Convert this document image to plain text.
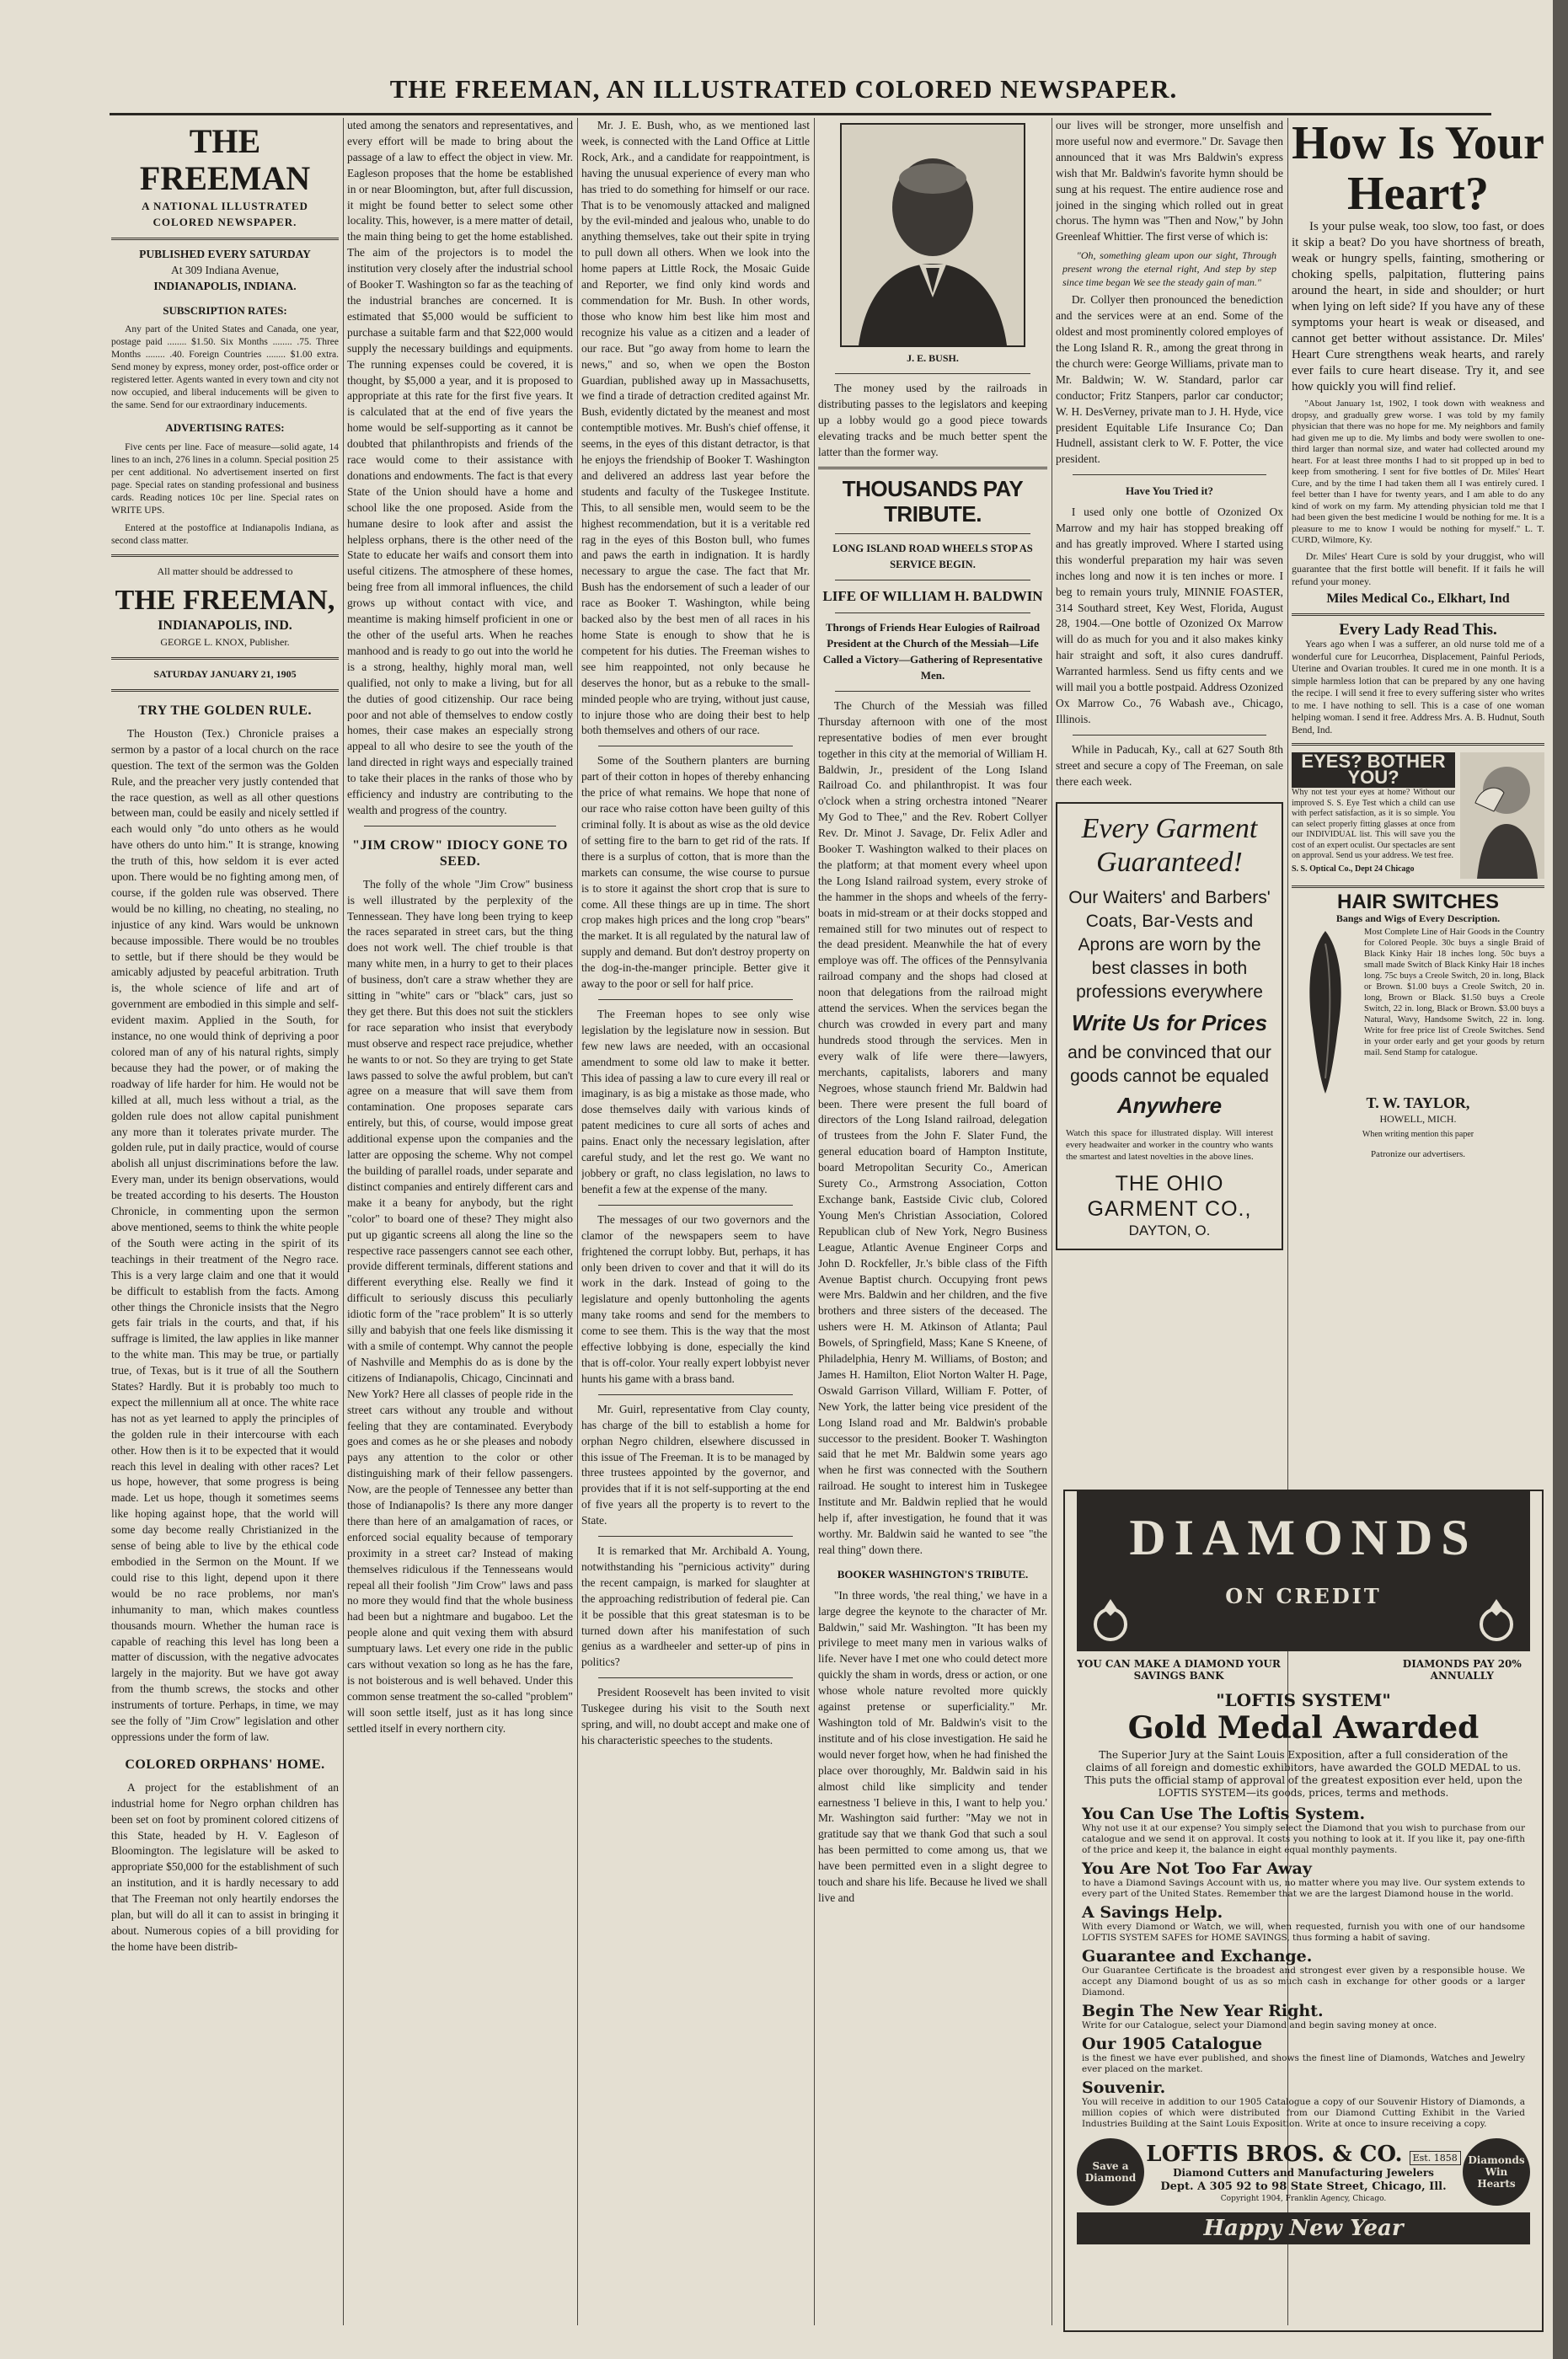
THE FREEMAN, AN ILLUSTRATED COLORED NEWSPAPER.
THE FREEMAN
A NATIONAL ILLUSTRATED COLORED NEWSPAPER.
PUBLISHED EVERY SATURDAY
At 309 Indiana Avenue,
INDIANAPOLIS, INDIANA.
SUBSCRIPTION RATES:

Any part of the United States and Canada, one year, postage paid ........ $1.50. Six Months ........ .75. Three Months ........ .40. Foreign Countries ........ $1.00 extra. Send money by express, money order, post-office order or registered letter. Agents wanted in every town and city not now occupied, and liberal inducements will be given to the same. Send for our extraordinary inducements.

ADVERTISING RATES:

Five cents per line. Face of measure—solid agate, 14 lines to an inch, 276 lines in a column. Special position 25 per cent additional. No advertisement inserted on first page. Special rates on standing professional and business cards. Reading notices 10c per line. Special rates on WRITE UPS.

Entered at the postoffice at Indianapolis Indiana, as second class matter.

All matter should be addressed to
THE FREEMAN,
INDIANAPOLIS, IND.
GEORGE L. KNOX, Publisher.
SATURDAY JANUARY 21, 1905
TRY THE GOLDEN RULE.

The Houston (Tex.) Chronicle praises a sermon by a pastor of a local church on the race question. The text of the sermon was the Golden Rule, and the preacher very justly contended that the race question, as well as all other questions between man, could be easily and nicely settled if each would only "do unto others as he would have others do unto him." It is strange, knowing the truth of this, how seldom it is ever acted upon. There would be no fighting among men, of course, if the golden rule was observed. There would be no killing, no cheating, no stealing, no injustice of any kind. Wars would be unknown because impossible. There would be no troubles to settle, but if there should be they would be amicably adjusted by peaceful arbitration. Truth is, the whole science of life and art of government are embodied in this simple and self-evident maxim. Applied in the South, for instance, no one would think of depriving a poor colored man of any of his natural rights, simply because they had the power, or of making the roadway of life harder for him. He would not be killed at all, much less without a trial, as the golden rule does not allow capital punishment any more than it tolerates private murder. The golden rule, put in daily practice, would of course abolish all unjust discriminations before the law. Every man, under its benign observations, would be treated according to his deserts. The Houston Chronicle, in commenting upon the sermon above mentioned, seems to think the white people of the South were acting in the spirit of its teachings in their treatment of the Negro race. This is a very large claim and one that it would be difficult to establish from the facts. Among other things the Chronicle insists that the Negro gets fair trials in the courts, and that, if his suffrage is limited, the law applies in like manner to the white man. This may be true, or partially true, of Texas, but is it true of all the Southern States? Hardly. But it is probably too much to expect the millennium all at once. The white race has not as yet learned to apply the principles of the golden rule in their intercourse with each other. How then is it to be expected that it would reach this level in dealing with other races? Let us hope, however, that some progress is being made. Let us hope, though it sometimes seems like hoping against hope, that the world will some day become really Christianized in the sense of being able to live by the ethical code embodied in the Sermon on the Mount. If we could rise to this light, depend upon it there would be no race problems, nor man's inhumanity to man, which makes countless thousands mourn. Whether the human race is capable of reaching this level has long been a matter of discussion, with the negative advocates largely in the majority. But we have got away from the thumb screws, the stocks and other instruments of torture. Perhaps, in time, we may see the folly of "Jim Crow" legislation and other oppressions under the form of law.

COLORED ORPHANS' HOME.

A project for the establishment of an industrial home for Negro orphan children has been set on foot by prominent colored citizens of this State, headed by H. V. Eagleson of Bloomington. The legislature will be asked to appropriate $50,000 for the establishment of such an institution, and it is hardly necessary to add that The Freeman not only heartily endorses the plan, but will do all it can to assist in bringing it about. Numerous copies of a bill providing for the home have been distrib-

uted among the senators and representatives, and every effort will be made to bring about the passage of a law to effect the object in view. Mr. Eagleson proposes that the home be established in or near Bloomington, but, after full discussion, it might be found better to select some other locality. This, however, is a mere matter of detail, the main thing being to get the home established. The aim of the projectors is to model the institution very closely after the industrial school of Booker T. Washington so far as the teaching of the industrial branches are concerned. It is estimated that $5,000 would be sufficient to purchase a suitable farm and that $22,000 would supply the necessary buildings and equipments. The running expenses could be covered, it is thought, by $5,000 a year, and it is proposed to appropriate at this rate for the first five years. It is calculated that at the end of five years the home would be self-supporting as it cannot be doubted that philanthropists and friends of the race would come to their assistance with donations and endowments. The fact is that every State of the Union should have a home and school like the one proposed. Aside from the humane desire to look after and assist the helpless orphans, there is the other need of the State to educate her waifs and consort them into useful citizens. The atmosphere of these homes, being free from all immoral influences, the child grows up without contact with vice, and meantime is making himself proficient in one or the other of the useful arts. When he reaches manhood and is ready to go out into the world he is a strong, healthy, highly moral man, well qualified, not only to make a living, but for all the duties of good citizenship. Our race being poor and not able of themselves to endow costly homes, their case makes an especially strong appeal to all who desire to see the youth of the land directed in right ways and especially trained to take their places in the ranks of those who by efficiency and industry are contributing to the wealth and progress of the country.

"JIM CROW" IDIOCY GONE TO SEED.

The folly of the whole "Jim Crow" business is well illustrated by the perplexity of the Tennessean. They have long been trying to keep the races separated in street cars, but the thing does not work well. The chief trouble is that many white men, in a hurry to get to their places of business, don't care a straw whether they are sitting in "white" cars or "black" cars, just so they get there. But this does not suit the sticklers for race separation who insist that everybody must observe and respect race prejudice, whether he wants to or not. So they are trying to get State laws passed to solve the awful problem, but can't agree on a measure that will save them from contamination. One proposes separate cars entirely, but this, of course, would impose great additional expense upon the companies and the latter are opposing the scheme. Why not compel the building of parallel roads, under separate and distinct companies and entirely different cars and make it a beany for anybody, but the right "color" to board one of these? They might also put up gigantic screens all along the line so the respective race passengers cannot see each other, provide different terminals, different stations and different everything else. Really we find it difficult to seriously discuss this peculiarly idiotic form of the "race problem" It is so utterly silly and babyish that one feels like dismissing it with a smile of contempt. Why cannot the people of Nashville and Memphis do as is done by the citizens of Indianapolis, Chicago, Cincinnati and New York? Here all classes of people ride in the street cars without any trouble and without feeling that they are contaminated. Everybody goes and comes as he or she pleases and nobody pays any attention to the color or other distinguishing mark of their fellow passengers. Now, are the people of Tennessee any better than those of Indianapolis? Is there any more danger there than here of an amalgamation of races, or enforced social equality because of temporary proximity in a street car? Instead of making themselves ridiculous if the Tennesseans would repeal all their foolish "Jim Crow" laws and pass no more they would find that the whole business had been but a nightmare and bugaboo. Let the people alone and quit vexing them with absurd sumptuary laws. Let every one ride in the public cars without vexation so long as he has the fare, is not boisterous and is well behaved. Under this common sense treatment the so-called "problem" will soon settle itself, just as it has long since settled itself in every northern city.

Mr. J. E. Bush, who, as we mentioned last week, is connected with the Land Office at Little Rock, Ark., and a candidate for reappointment, is having the unusual experience of every man who has tried to do something for himself or our race. That is to be venomously attacked and maligned by the evil-minded and jealous who, unable to do anything themselves, take out their spite in trying to pull down all others. When we look into the home papers at Little Rock, the Mosaic Guide and Reporter, we find only kind words and commendation for Mr. Bush. In other words, those who know him best like him most and recognize his value as a citizen and a leader of our race. But "go away from home to learn the news," and so, when we open the Boston Guardian, published away up in Massachusetts, we find a tirade of detraction credited against Mr. Bush, evidently dictated by the meanest and most contemptible motives. Mr. Bush's chief offense, it seems, in the eyes of this distant detractor, is that he enjoys the friendship of Booker T. Washington and delivered an address last year before the students and faculty of the Tuskegee Institute. This, to all sensible men, would seem to be the highest recommendation, but it is a veritable red rag in the eyes of this Boston bull, who fumes and paws the earth in indignation. It is hardly necessary to argue the case. The fact that Mr. Bush has the endorsement of such a leader of our race as Booker T. Washington, while being backed also by the best men of all races in his home State is enough to show that he is competent for his duties. The Freeman wishes to see him reappointed, not only because he deserves the honor, but as a rebuke to the small-minded people who are trying, without just cause, to injure those who are doing their best to help both themselves and others of our race.

Some of the Southern planters are burning part of their cotton in hopes of thereby enhancing the price of what remains. We hope that none of our race who raise cotton have been guilty of this criminal folly. It is about as wise as the old device of setting fire to the barn to get rid of the rats. If there is a surplus of cotton, that is more than the markets can consume, the wise course to pursue is to store it against the short crop that is sure to come. All these things are up in time. The short crop makes high prices and the long crop "bears" the market. It is all regulated by the natural law of supply and demand. But don't destroy property on the dog-in-the-manger principle. Better give it away to the poor or sell for half price.

The Freeman hopes to see only wise legislation by the legislature now in session. But few new laws are needed, with an occasional amendment to some old law to make it better. This idea of passing a law to cure every ill real or imaginary, is as big a mistake as those made, who dose themselves daily with various kinds of patent medicines to cure all sorts of aches and pains. Enact only the necessary legislation, after careful study, and let the rest go. We want no jobbery or graft, no class legislation, no laws to benefit a few at the expense of the many.

The messages of our two governors and the clamor of the newspapers seem to have frightened the corrupt lobby. But, perhaps, it has only been driven to cover and that it will do its work in the dark. Instead of going to the legislature and openly buttonholing the agents many take rooms and send for the members to come to see them. This is the way that the most effective lobbying is done, especially the kind that is off-color. Your really expert lobbyist never hunts his game with a brass band.

Mr. Guirl, representative from Clay county, has charge of the bill to establish a home for orphan Negro children, elsewhere discussed in this issue of The Freeman. It is to be managed by three trustees appointed by the governor, and provides that if it is not self-supporting at the end of five years all the property is to revert to the State.

It is remarked that Mr. Archibald A. Young, notwithstanding his "pernicious activity" during the recent campaign, is marked for slaughter at the approaching redistribution of federal pie. Can it be possible that this great statesman is to be turned down after his manifestation of such genius as a wardheeler and setter-up of pins in politics?

President Roosevelt has been invited to visit Tuskegee during his visit to the South next spring, and will, no doubt accept and make one of his characteristic speeches to the students.

J. E. BUSH.

The money used by the railroads in distributing passes to the legislators and keeping up a lobby would go a good piece towards elevating tracks and be much better spent the latter than the former way.

THOUSANDS PAY TRIBUTE.
LONG ISLAND ROAD WHEELS STOP AS SERVICE BEGIN.
LIFE OF WILLIAM H. BALDWIN
Throngs of Friends Hear Eulogies of Railroad President at the Church of the Messiah—Life Called a Victory—Gathering of Representative Men.

The Church of the Messiah was filled Thursday afternoon with one of the most representative bodies of men ever brought together in this city at the memorial of William H. Baldwin, Jr., president of the Long Island Railroad Co. and philanthropist. It was four o'clock when a string orchestra intoned "Nearer My God to Thee," and the Rev. Robert Collyer Rev. Dr. Minot J. Savage, Dr. Felix Adler and Booker T. Washington walked to their places on the platform; at that moment every wheel upon the Long Island railroad system, every stroke of the hammer in the shops and wheels of the ferry-boats in mid-stream or at their docks stopped and remained still for two minutes out of respect to the dead president. Meanwhile the hat of every employe was off. The offices of the Pennsylvania railroad company and the shops had closed at noon that delegations from the railroad might attend the services. When the services began the church was crowded in every part and many hundreds stood through the services. Men in every walk of life were there—lawyers, merchants, capitalists, laborers and many Negroes, whose staunch friend Mr. Baldwin had been. There were present the full board of directors of the Long Island railroad, delegation of trustees from the John F. Slater Fund, the general education board of Hampton Institute, board Metropolitan Security Co., American Surety Co., Armstrong Association, Cotton Exchange bank, Eastside Civic club, Colored Young Men's Christian Association, Colored Republican club of New York, Negro Business League, Atlantic Avenue Engineer Corps and John D. Rockfeller, Jr.'s bible class of the Fifth Avenue Baptist church. Occupying front pews were Mrs. Baldwin and her children, and the five brothers and three sisters of the deceased. The ushers were H. M. Atkinson of Atlanta; Paul Bowels, of Springfield, Mass; Kane S Kneene, of Philadelphia, Henry M. Williams, of Boston; and James H. Hamilton, Eliot Norton Walter H. Page, Oswald Garrison Villard, William F. Potter, of New York, the latter being vice president of the Long Island road and Mr. Baldwin's probable successor to the president. Booker T. Washington said that he met Mr. Baldwin some years ago when he first was connected with the Southern railroad. He sought to interest him in Tuskegee Institute and Mr. Baldwin replied that he would help if, after investigation, he found that it was worthy. Mr. Baldwin said he wanted to see "the real thing" down there.

BOOKER WASHINGTON'S TRIBUTE.

"In three words, 'the real thing,' we have in a large degree the keynote to the character of Mr. Baldwin," said Mr. Washington. "It has been my privilege to meet many men in various walks of life. Never have I met one who could detect more quickly the sham in words, dress or action, or one whose whole nature revolted more quickly against pretense or superficiality." Mr. Washington told of Mr. Baldwin's visit to the institute and of his close investigation. He said he would never forget how, when he had finished the place over thoroughly, Mr. Baldwin said in his almost child like simplicity and tender earnestness 'I believe in this, I want to help you.' Mr. Washington said further: "May we not in gratitude say that we thank God that such a soul has been permitted to come among us, that we have been permitted even in a slight degree to touch and share his life. Because he lived we shall live and

our lives will be stronger, more unselfish and more useful now and evermore." Dr. Savage then announced that it was Mrs Baldwin's express wish that Mr. Baldwin's favorite hymn should be sung at his request. The entire audience rose and joined in the singing which rolled out in great chorus. The hymn was "Then and Now," by John Greenleaf Whittier. The first verse of which is:

"Oh, something gleam upon our sight, Through present wrong the eternal right, And step by step since time began We see the steady gain of man."

Dr. Collyer then pronounced the benediction and the services were at an end. Some of the oldest and most prominently colored employes of the Long Island R. R., among the great throng in the church were: George Williams, private man to Mr. Baldwin; W. W. Standard, parlor car conductor; Fritz Stanpers, parlor car conductor; W. H. DesVerney, private man to J. H. Hyde, vice president Equitable Life Insurance Co; Dan Hudnell, assistant clerk to W. F. Potter, the vice president.

Have You Tried it?

I used only one bottle of Ozonized Ox Marrow and my hair has stopped breaking off and has greatly improved. Where I started using this wonderful preparation my hair was seven inches long and now it is ten inches or more. I beg to remain yours truly, MINNIE FOASTER, 314 Southard street, Key West, Florida, August 28, 1904.—One bottle of Ozonized Ox Marrow will do as much for you and it also makes kinky hair straight and soft, it also cures dandruff. Warranted harmless. Send us fifty cents and we will mail you a bottle postpaid. Address Ozonized Ox Marrow Co., 76 Wabash ave., Chicago, Illinois.

While in Paducah, Ky., call at 627 South 8th street and secure a copy of The Freeman, on sale there each week.

Every Garment Guaranteed!
Our Waiters' and Barbers' Coats, Bar-Vests and Aprons are worn by the best classes in both professions everywhere
Write Us for Prices
and be convinced that our goods cannot be equaled
Anywhere
Watch this space for illustrated display. Will interest every headwaiter and worker in the country who wants the smartest and latest novelties in the above lines.
THE OHIO GARMENT CO.,
DAYTON, O.
How Is Your Heart?

Is your pulse weak, too slow, too fast, or does it skip a beat? Do you have shortness of breath, weak or hungry spells, fainting, smothering or choking spells, palpitation, fluttering pains around the heart, in side and shoulder; or hurt when lying on left side? If you have any of these symptoms your heart is weak or diseased, and cannot get better without assistance. Dr. Miles' Heart Cure strengthens weak hearts, and rarely ever fails to cure heart disease. Try it, and see how quickly you will find relief.

"About January 1st, 1902, I took down with weakness and dropsy, and gradually grew worse. I was told by my family physician that there was no hope for me. My neighbors and family had given me up to die. My limbs and body were swollen to one-third larger than normal size, and water had collected around my heart. For at least three months I had to sit propped up in bed to keep from smothering. I sent for five bottles of Dr. Miles' Heart Cure, and by the time I had taken them all I was entirely cured. I feel better than I have for twenty years, and I am able to do any kind of work on my farm. My attending physician told me that I had been given the best medicine I would be nothing for me. It is a pleasure to me to know I would be nothing for myself." L. T. CURD, Wilmore, Ky.

Dr. Miles' Heart Cure is sold by your druggist, who will guarantee that the first bottle will benefit. If it fails he will refund your money.

Miles Medical Co., Elkhart, Ind
Every Lady Read This.

Years ago when I was a sufferer, an old nurse told me of a wonderful cure for Leucorrhea, Displacement, Painful Periods, Uterine and Ovarian troubles. It cured me in one month. It is a simple harmless lotion that can be prepared by any one having the recipe. I will send it free to every suffering sister who writes to me. I have nothing to sell. This is a case of one woman helping woman. I send it free. Address Mrs. A. B. Hudnut, South Bend, Ind.

EYES? BOTHER YOU?

Why not test your eyes at home? Without our improved S. S. Eye Test which a child can use with perfect satisfaction, as it is so simple. You can select properly fitting glasses at once from our INDIVIDUAL list. This will save you the cost of an expert oculist. Our spectacles are sent on approval. Send us your address. We test free.

S. S. Optical Co., Dept 24 Chicago
HAIR SWITCHES
Bangs and Wigs of Every Description.

Most Complete Line of Hair Goods in the Country for Colored People. 30c buys a single Braid of Black Kinky Hair 18 inches long. 50c buys a small made Switch of Black Kinky Hair 18 inches long. 75c buys a Creole Switch, 20 in. long, Black or Brown. $1.00 buys a Creole Switch, 20 in. long, Brown or Black. $1.50 buys a Creole Switch, 22 in. long, Black or Brown. $3.00 buys a Natural, Wavy, Handsome Switch, 22 in. long. Write for free price list of Creole Switches. Send in your order early and get your goods by return mail. Send Stamp for catalogue.

T. W. TAYLOR,
HOWELL, MICH.
When writing mention this paper
Patronize our advertisers.
DIAMONDS
ON CREDIT
YOU CAN MAKE A DIAMOND YOUR SAVINGS BANK
DIAMONDS PAY 20% ANNUALLY
"LOFTIS SYSTEM"
Gold Medal Awarded

The Superior Jury at the Saint Louis Exposition, after a full consideration of the claims of all foreign and domestic exhibitors, have awarded the GOLD MEDAL to us. This puts the official stamp of approval of the greatest exposition ever held, upon the LOFTIS SYSTEM—its goods, prices, terms and methods.

You Can Use The Loftis System.
Why not use it at our expense? You simply select the Diamond that you wish to purchase from our catalogue and we send it on approval. It costs you nothing to look at it. If you like it, pay one-fifth of the price and keep it, the balance in eight equal monthly payments.
You Are Not Too Far Away
to have a Diamond Savings Account with us, no matter where you may live. Our system extends to every part of the United States. Remember that we are the largest Diamond house in the world.
A Savings Help.
With every Diamond or Watch, we will, when requested, furnish you with one of our handsome LOFTIS SYSTEM SAFES for HOME SAVINGS, thus forming a habit of saving.
Guarantee and Exchange.
Our Guarantee Certificate is the broadest and strongest ever given by a responsible house. We accept any Diamond bought of us as so much cash in exchange for other goods or a larger Diamond.
Begin The New Year Right.
Write for our Catalogue, select your Diamond and begin saving money at once.
Our 1905 Catalogue
is the finest we have ever published, and shows the finest line of Diamonds, Watches and Jewelry ever placed on the market.
Souvenir.
You will receive in addition to our 1905 Catalogue a copy of our Souvenir History of Diamonds, a million copies of which were distributed from our Diamond Cutting Exhibit in the Varied Industries Building at the Saint Louis Exposition. Write at once to insure receiving a copy.
Save a Diamond
LOFTIS BROS. & CO.	Est. 1858
Diamond Cutters and Manufacturing Jewelers
Dept. A 305 92 to 98 State Street, Chicago, Ill.
Copyright 1904, Franklin Agency, Chicago.
Diamonds Win Hearts
Happy New Year
